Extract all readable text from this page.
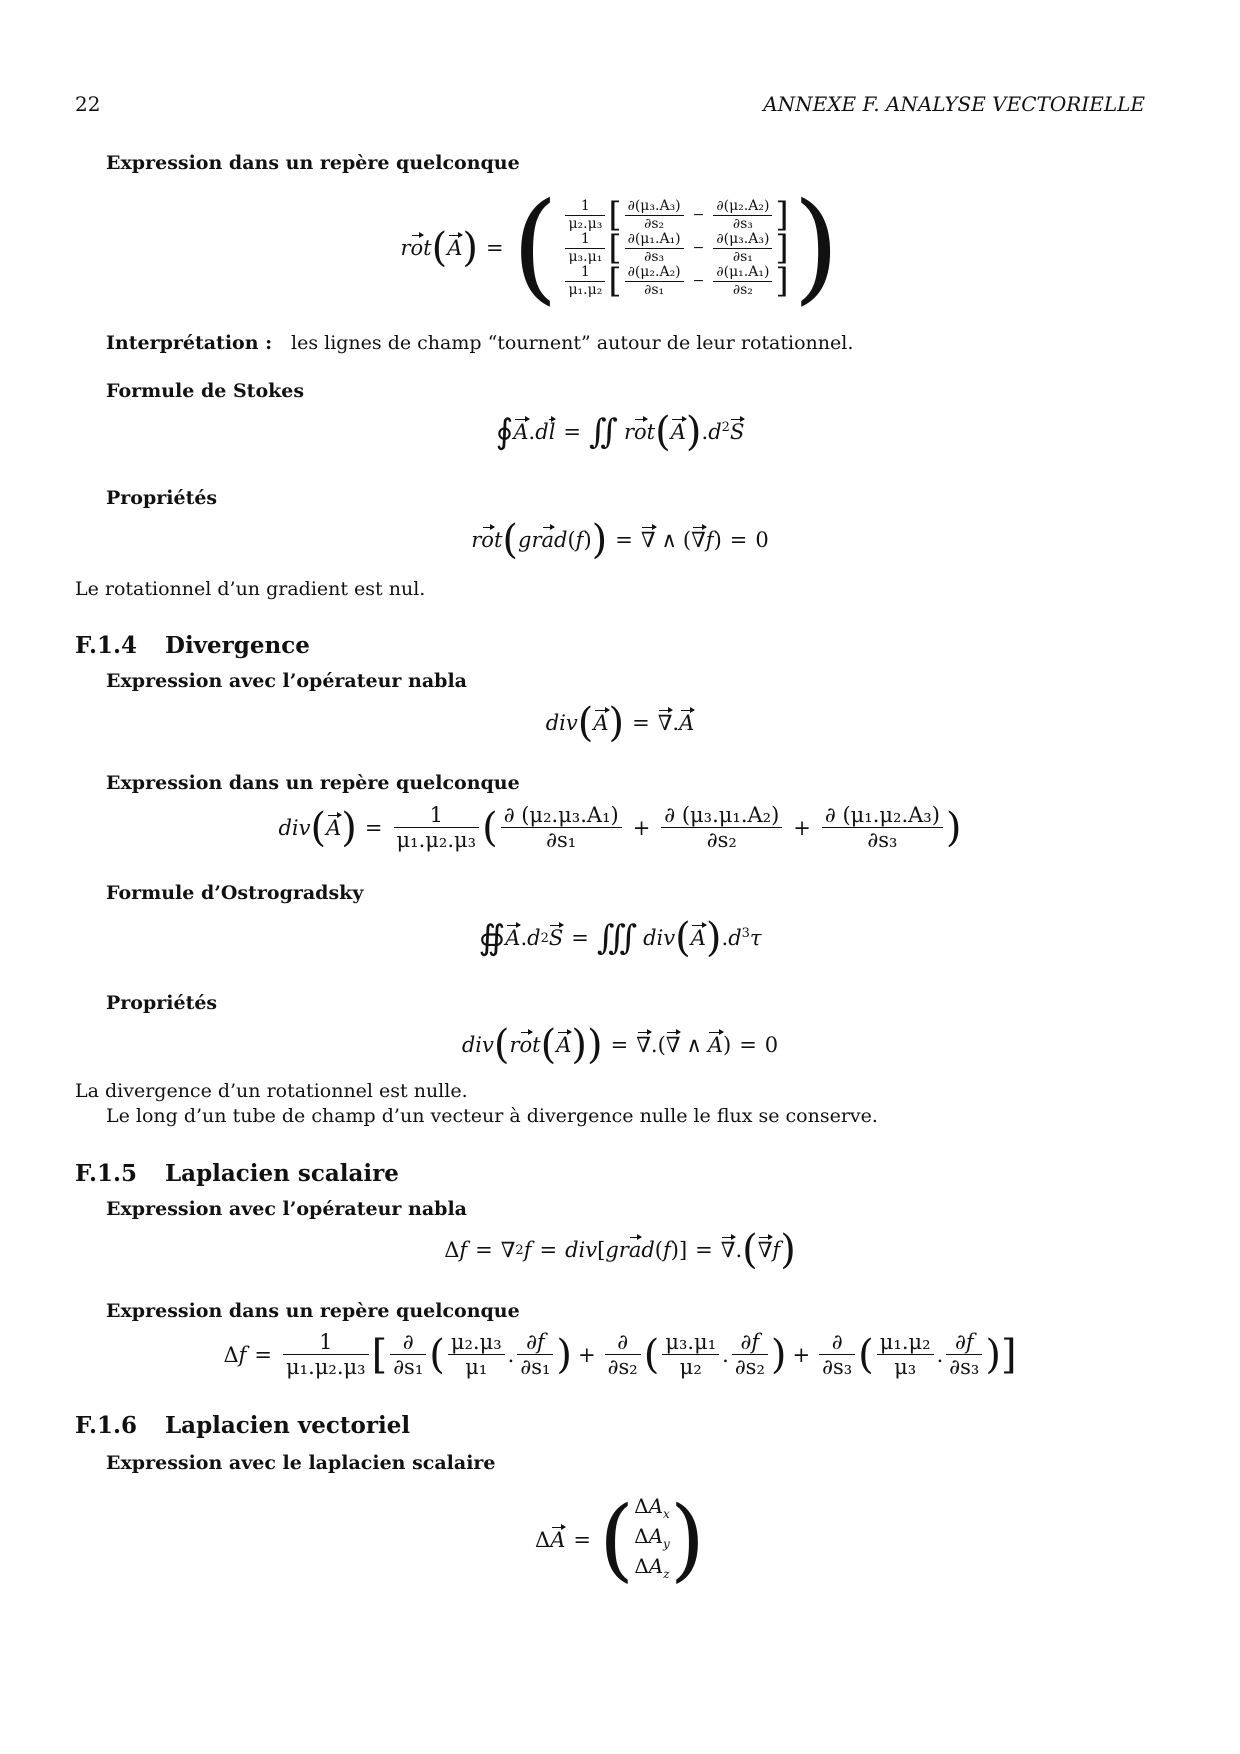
22	ANNEXE F. ANALYSE VECTORIELLE
Expression dans un repère quelconque
r o t ( A ) = ( $\frac{1}{\text{μ₂.μ₃}}$ [ $\frac{\text{∂(μ₃.A₃)}}{\text{∂s₂}} - \frac{\text{∂(μ₂.A₂)}}{\text{∂s₃}}$ ]
$\frac{1}{\text{μ₃.μ₁}}$ [ $\frac{\text{∂(μ₁.A₁)}}{\text{∂s₃}} - \frac{\text{∂(μ₃.A₃)}}{\text{∂s₁}}$ ]
$\frac{1}{\text{μ₁.μ₂}}$ [ $\frac{\text{∂(μ₂.A₂)}}{\text{∂s₁}} - \frac{\text{∂(μ₁.A₁)}}{\text{∂s₂}}$ ] )
Interprétation : les lignes de champ “tournent” autour de leur rotationnel.
Formule de Stokes
∮ A . d l = ∬ r o t ( A ) $.d^2S$
Propriétés
r o t ( gr a d ( f ) ) = ∇ ∧ ( ∇ f ) = 0
Le rotationnel d’un gradient est nul.
F.1.4 Divergence
Expression avec l’opérateur nabla
div ( A ) = ∇ . A
Expression dans un repère quelconque
div ( A ) = $\frac{1}{\text{μ₁.μ₂.μ₃}}$ ( $\frac{\text{∂ (μ₂.μ₃.A₁)}}{\text{∂s₁}} + \frac{\text{∂ (μ₃.μ₁.A₂)}}{\text{∂s₂}} + \frac{\text{∂ (μ₁.μ₂.A₃)}}{\text{∂s₃}}$ )
Formule d’Ostrogradsky
∯ A . d 2 S = ∭ div ( A ) $.d^3\tau$
Propriétés
div ( r o t ( A ) ) = ∇ .( ∇ ∧ A ) = 0
La divergence d’un rotationnel est nulle.
Le long d’un tube de champ d’un vecteur à divergence nulle le flux se conserve.
F.1.5 Laplacien scalaire
Expression avec l’opérateur nabla
Δ f = ∇ 2 f = div [ gr a d ( f )] = ∇ . ( ∇ f )
Expression dans un repère quelconque
Δ $f = \frac{1}{\text{μ₁.μ₂.μ₃}}$ [ $\frac{\partial}{\text{∂s₁}}$ ( $\frac{\text{μ₂.μ₃}}{\text{μ₁}}$ . $\frac{\partial f}{\text{∂s₁}}$ ) + $\frac{\partial}{\text{∂s₂}}$ ( $\frac{\text{μ₃.μ₁}}{\text{μ₂}}$ . $\frac{\partial f}{\text{∂s₂}}$ ) + $\frac{\partial}{\text{∂s₃}}$ ( $\frac{\text{μ₁.μ₂}}{\text{μ₃}}$ . $\frac{\partial f}{\text{∂s₃}}$ ) ]
F.1.6 Laplacien vectoriel
Expression avec le laplacien scalaire
Δ A = ( $\Delta A_x$
$\Delta A_y$
$\Delta A_z$ )
